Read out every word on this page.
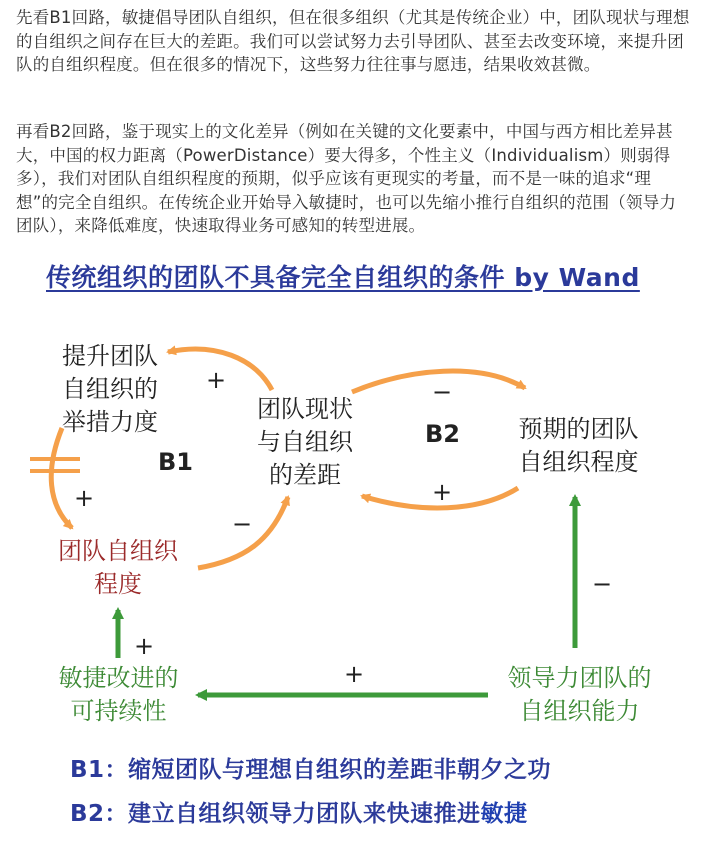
先看B1回路，敏捷倡导团队自组织，但在很多组织（尤其是传统企业）中，团队现状与理想的自组织之间存在巨大的差距。我们可以尝试努力去引导团队、甚至去改变环境，来提升团队的自组织程度。但在很多的情况下，这些努力往往事与愿违，结果收效甚微。

再看B2回路，鉴于现实上的文化差异（例如在关键的文化要素中，中国与西方相比差异甚大，中国的权力距离（PowerDistance）要大得多，个性主义（Individualism）则弱得多），我们对团队自组织程度的预期，似乎应该有更现实的考量，而不是一味的追求“理想”的完全自组织。在传统企业开始导入敏捷时，也可以先缩小推行自组织的范围（领导力团队），来降低难度，快速取得业务可感知的转型进展。

传统组织的团队不具备完全自组织的条件 by Wand
提升团队
自组织的
举措力度	团队现状
与自组织
的差距
预期的团队
自组织程度
团队自组织
程度
敏捷改进的
可持续性
领导力团队的
自组织能力
B1
B2
+
+
−
−
+
+
+
−
B1：缩短团队与理想自组织的差距非朝夕之功
B2：建立自组织领导力团队来快速推进敏捷
